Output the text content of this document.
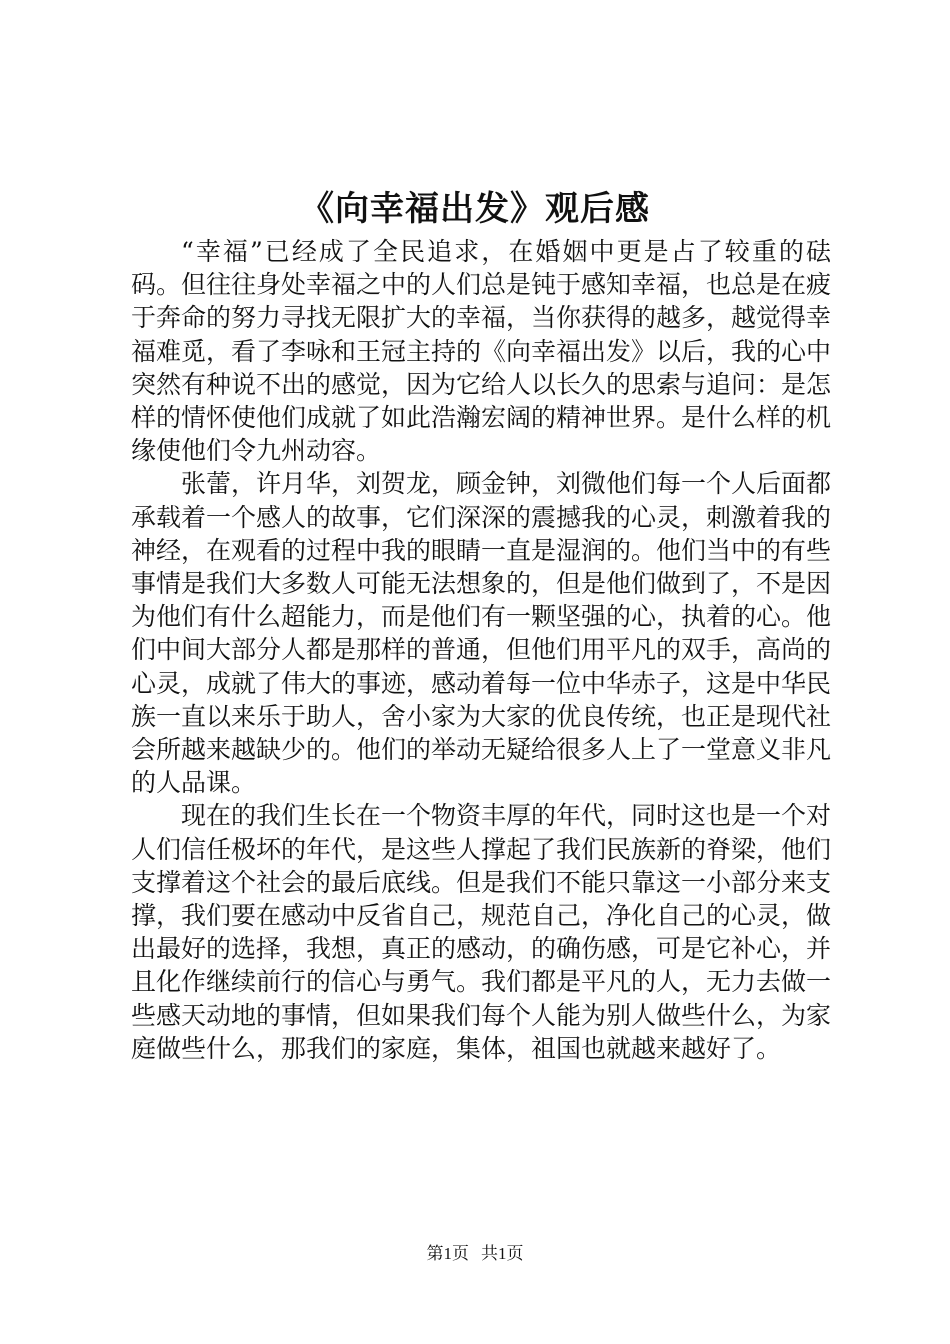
《向幸福出发》观后感

“幸福”已经成了全民追求，在婚姻中更是占了较重的砝码。但往往身处幸福之中的人们总是钝于感知幸福，也总是在疲于奔命的努力寻找无限扩大的幸福，当你获得的越多，越觉得幸福难觅，看了李咏和王冠主持的《向幸福出发》以后，我的心中突然有种说不出的感觉，因为它给人以长久的思索与追问：是怎样的情怀使他们成就了如此浩瀚宏阔的精神世界。是什么样的机缘使他们令九州动容。

张蕾，许月华，刘贺龙，顾金钟，刘微他们每一个人后面都承载着一个感人的故事，它们深深的震撼我的心灵，刺激着我的神经，在观看的过程中我的眼睛一直是湿润的。他们当中的有些事情是我们大多数人可能无法想象的，但是他们做到了，不是因为他们有什么超能力，而是他们有一颗坚强的心，执着的心。他们中间大部分人都是那样的普通，但他们用平凡的双手，高尚的心灵，成就了伟大的事迹，感动着每一位中华赤子，这是中华民族一直以来乐于助人，舍小家为大家的优良传统，也正是现代社会所越来越缺少的。他们的举动无疑给很多人上了一堂意义非凡的人品课。

现在的我们生长在一个物资丰厚的年代，同时这也是一个对人们信任极坏的年代，是这些人撑起了我们民族新的脊梁，他们支撑着这个社会的最后底线。但是我们不能只靠这一小部分来支撑，我们要在感动中反省自己，规范自己，净化自己的心灵，做出最好的选择，我想，真正的感动，的确伤感，可是它补心，并且化作继续前行的信心与勇气。我们都是平凡的人，无力去做一些感天动地的事情，但如果我们每个人能为别人做些什么，为家庭做些什么，那我们的家庭，集体，祖国也就越来越好了。

第1页 共1页
